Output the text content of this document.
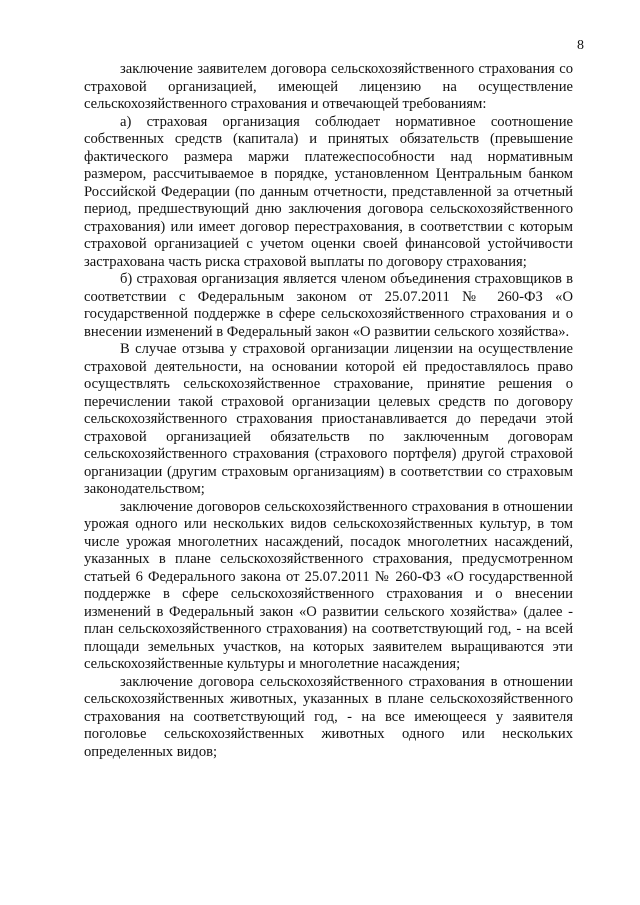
8

заключение заявителем договора сельскохозяйственного страхования со страховой организацией, имеющей лицензию на осуществление сельскохозяйственного страхования и отвечающей требованиям:

а) страховая организация соблюдает нормативное соотношение собственных средств (капитала) и принятых обязательств (превышение фактического размера маржи платежеспособности над нормативным размером, рассчитываемое в порядке, установленном Центральным банком Российской Федерации (по данным отчетности, представленной за отчетный период, предшествующий дню заключения договора сельскохозяйственного страхования) или имеет договор перестрахования, в соответствии с которым страховой организацией с учетом оценки своей финансовой устойчивости застрахована часть риска страховой выплаты по договору страхования;

б) страховая организация является членом объединения страховщиков в соответствии с Федеральным законом от 25.07.2011 № 260-ФЗ «О государственной поддержке в сфере сельскохозяйственного страхования и о внесении изменений в Федеральный закон «О развитии сельского хозяйства».

В случае отзыва у страховой организации лицензии на осуществление страховой деятельности, на основании которой ей предоставлялось право осуществлять сельскохозяйственное страхование, принятие решения о перечислении такой страховой организации целевых средств по договору сельскохозяйственного страхования приостанавливается до передачи этой страховой организацией обязательств по заключенным договорам сельскохозяйственного страхования (страхового портфеля) другой страховой организации (другим страховым организациям) в соответствии со страховым законодательством;

заключение договоров сельскохозяйственного страхования в отношении урожая одного или нескольких видов сельскохозяйственных культур, в том числе урожая многолетних насаждений, посадок многолетних насаждений, указанных в плане сельскохозяйственного страхования, предусмотренном статьей 6 Федерального закона от 25.07.2011 № 260-ФЗ «О государственной поддержке в сфере сельскохозяйственного страхования и о внесении изменений в Федеральный закон «О развитии сельского хозяйства» (далее - план сельскохозяйственного страхования) на соответствующий год, - на всей площади земельных участков, на которых заявителем выращиваются эти сельскохозяйственные культуры и многолетние насаждения;

заключение договора сельскохозяйственного страхования в отношении сельскохозяйственных животных, указанных в плане сельскохозяйственного страхования на соответствующий год, - на все имеющееся у заявителя поголовье сельскохозяйственных животных одного или нескольких определенных видов;
